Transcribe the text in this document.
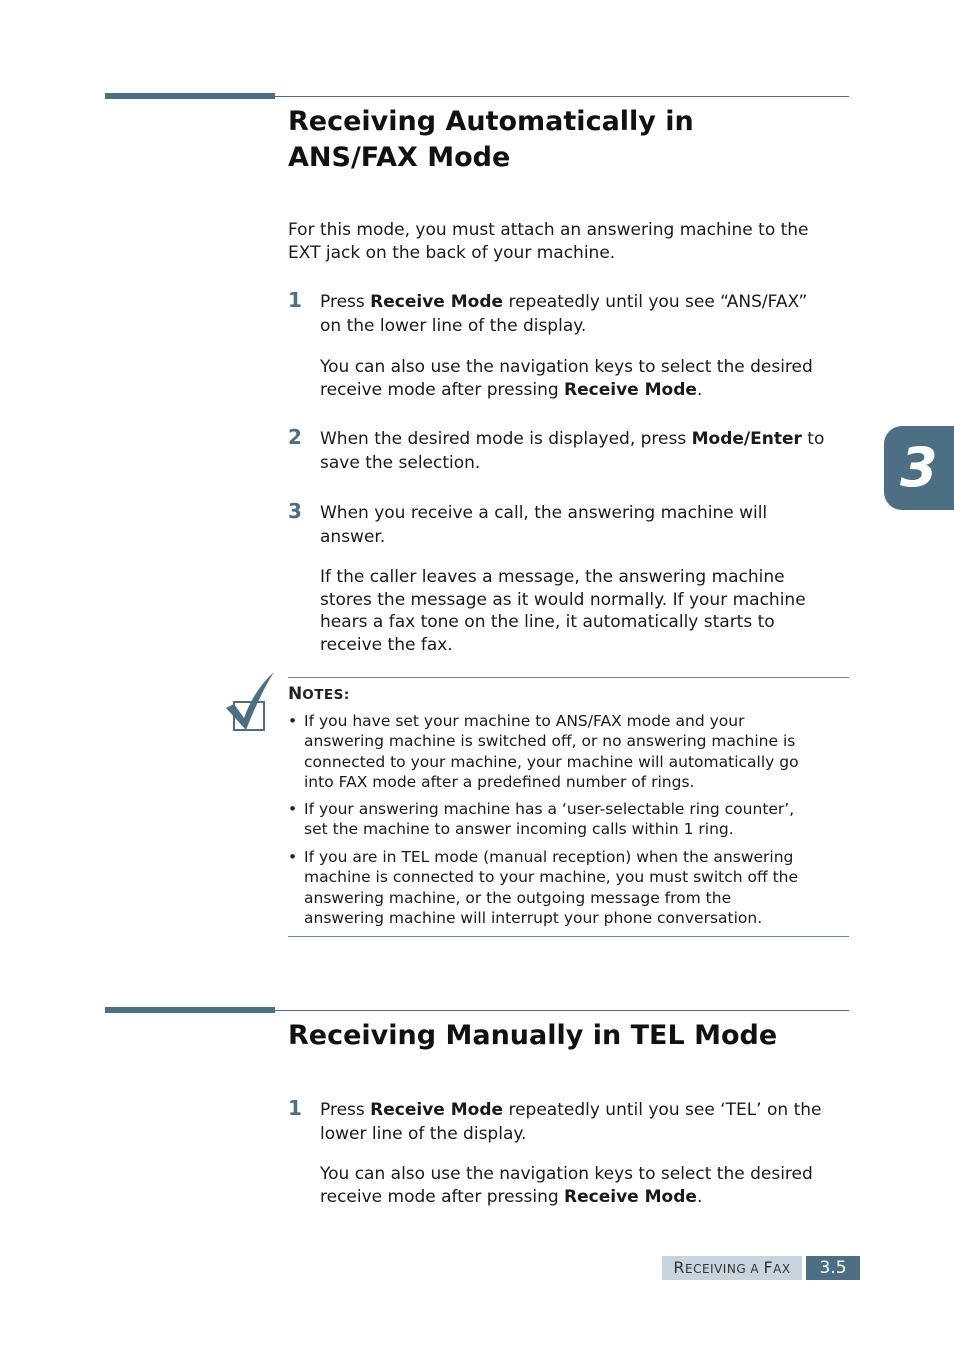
Receiving Automatically in
ANS/FAX Mode
For this mode, you must attach an answering machine to the
EXT jack on the back of your machine.
1 Press Receive Mode repeatedly until you see “ANS/FAX”
on the lower line of the display.
You can also use the navigation keys to select the desired
receive mode after pressing Receive Mode.
2 When the desired mode is displayed, press Mode/Enter to
save the selection.
3 When you receive a call, the answering machine will
answer.
If the caller leaves a message, the answering machine
stores the message as it would normally. If your machine
hears a fax tone on the line, it automatically starts to
receive the fax.
NOTES:
• If you have set your machine to ANS/FAX mode and your
answering machine is switched off, or no answering machine is
connected to your machine, your machine will automatically go
into FAX mode after a predefined number of rings.
• If your answering machine has a ‘user-selectable ring counter’,
set the machine to answer incoming calls within 1 ring.
• If you are in TEL mode (manual reception) when the answering
machine is connected to your machine, you must switch off the
answering machine, or the outgoing message from the
answering machine will interrupt your phone conversation.
Receiving Manually in TEL Mode
1 Press Receive Mode repeatedly until you see ‘TEL’ on the
lower line of the display.
You can also use the navigation keys to select the desired
receive mode after pressing Receive Mode.
3
RECEIVING A FAX	3.5
